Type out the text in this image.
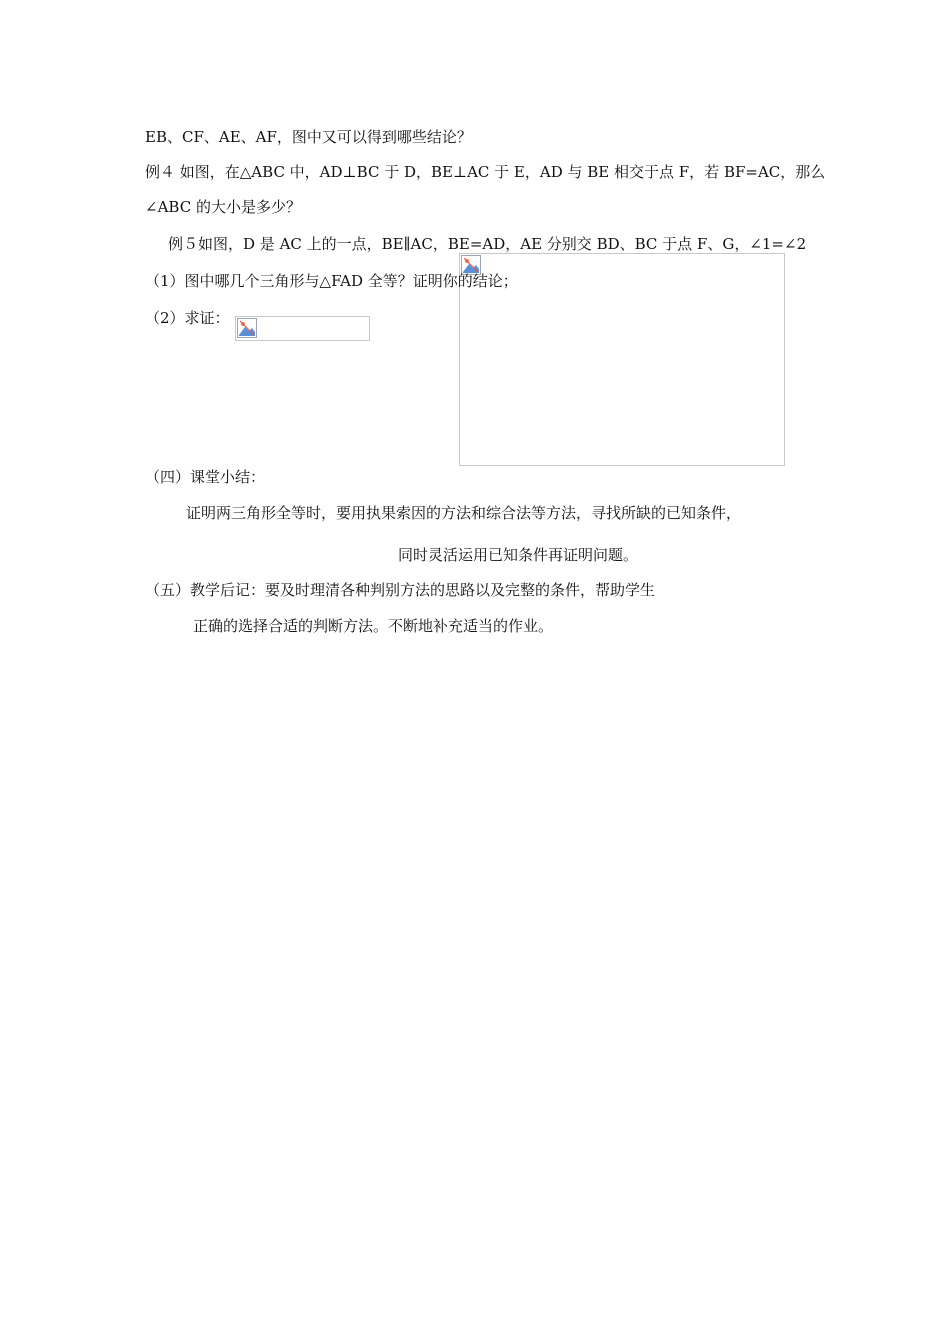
EB、CF、AE、AF，图中又可以得到哪些结论？
例４ 如图，在△ABC 中，AD⊥BC 于 D，BE⊥AC 于 E，AD 与 BE 相交于点 F，若 BF=AC，那么
∠ABC 的大小是多少？
例５如图，D 是 AC 上的一点，BE∥AC，BE=AD，AE 分别交 BD、BC 于点 F、G，∠1=∠2
（1）图中哪几个三角形与△FAD 全等？证明你的结论；
（2）求证：
（四）课堂小结：
证明两三角形全等时，要用执果索因的方法和综合法等方法，寻找所缺的已知条件，
同时灵活运用已知条件再证明问题。
（五）教学后记：要及时理清各种判别方法的思路以及完整的条件，帮助学生
正确的选择合适的判断方法。不断地补充适当的作业。
